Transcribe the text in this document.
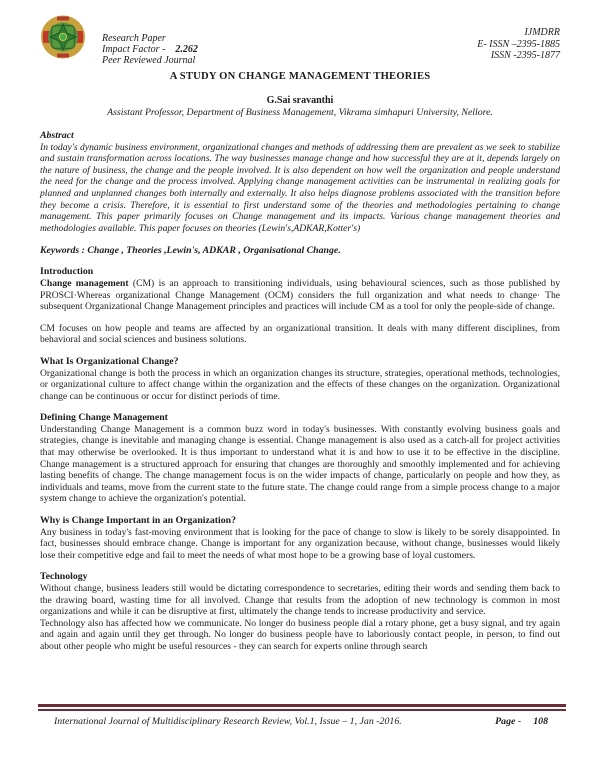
Research Paper
Impact Factor - 2.262
Peer Reviewed Journal
IJMDRR
E- ISSN –2395-1885
ISSN -2395-1877
A STUDY ON CHANGE MANAGEMENT THEORIES
G.Sai sravanthi
Assistant Professor, Department of Business Management, Vikrama simhapuri University, Nellore.
Abstract

In today's dynamic business environment, organizational changes and methods of addressing them are prevalent as we seek to stabilize and sustain transformation across locations. The way businesses manage change and how successful they are at it, depends largely on the nature of business, the change and the people involved. It is also dependent on how well the organization and people understand the need for the change and the process involved. Applying change management activities can be instrumental in realizing goals for planned and unplanned changes both internally and externally. It also helps diagnose problems associated with the transition before they become a crisis. Therefore, it is essential to first understand some of the theories and methodologies pertaining to change management. This paper primarily focuses on Change management and its impacts. Various change management theories and methodologies available. This paper focuses on theories (Lewin's,ADKAR,Kotter's)

Keywords : Change , Theories ,Lewin's, ADKAR , Organisational Change.
Introduction

Change management (CM) is an approach to transitioning individuals, using behavioural sciences, such as those published by PROSCI·Whereas organizational Change Management (OCM) considers the full organization and what needs to change· The subsequent Organizational Change Management principles and practices will include CM as a tool for only the people-side of change.

CM focuses on how people and teams are affected by an organizational transition. It deals with many different disciplines, from behavioral and social sciences and business solutions.

What Is Organizational Change?

Organizational change is both the process in which an organization changes its structure, strategies, operational methods, technologies, or organizational culture to affect change within the organization and the effects of these changes on the organization. Organizational change can be continuous or occur for distinct periods of time.

Defining Change Management

Understanding Change Management is a common buzz word in today's businesses. With constantly evolving business goals and strategies, change is inevitable and managing change is essential. Change management is also used as a catch-all for project activities that may otherwise be overlooked. It is thus important to understand what it is and how to use it to be effective in the discipline. Change management is a structured approach for ensuring that changes are thoroughly and smoothly implemented and for achieving lasting benefits of change. The change management focus is on the wider impacts of change, particularly on people and how they, as individuals and teams, move from the current state to the future state. The change could range from a simple process change to a major system change to achieve the organization's potential.

Why is Change Important in an Organization?

Any business in today's fast-moving environment that is looking for the pace of change to slow is likely to be sorely disappointed. In fact, businesses should embrace change. Change is important for any organization because, without change, businesses would likely lose their competitive edge and fail to meet the needs of what most hope to be a growing base of loyal customers.

Technology

Without change, business leaders still would be dictating correspondence to secretaries, editing their words and sending them back to the drawing board, wasting time for all involved. Change that results from the adoption of new technology is common in most organizations and while it can be disruptive at first, ultimately the change tends to increase productivity and service.

Technology also has affected how we communicate. No longer do business people dial a rotary phone, get a busy signal, and try again and again and again until they get through. No longer do business people have to laboriously contact people, in person, to find out about other people who might be useful resources - they can search for experts online through search

International Journal of Multidisciplinary Research Review, Vol.1, Issue – 1, Jan -2016.	Page - 108
